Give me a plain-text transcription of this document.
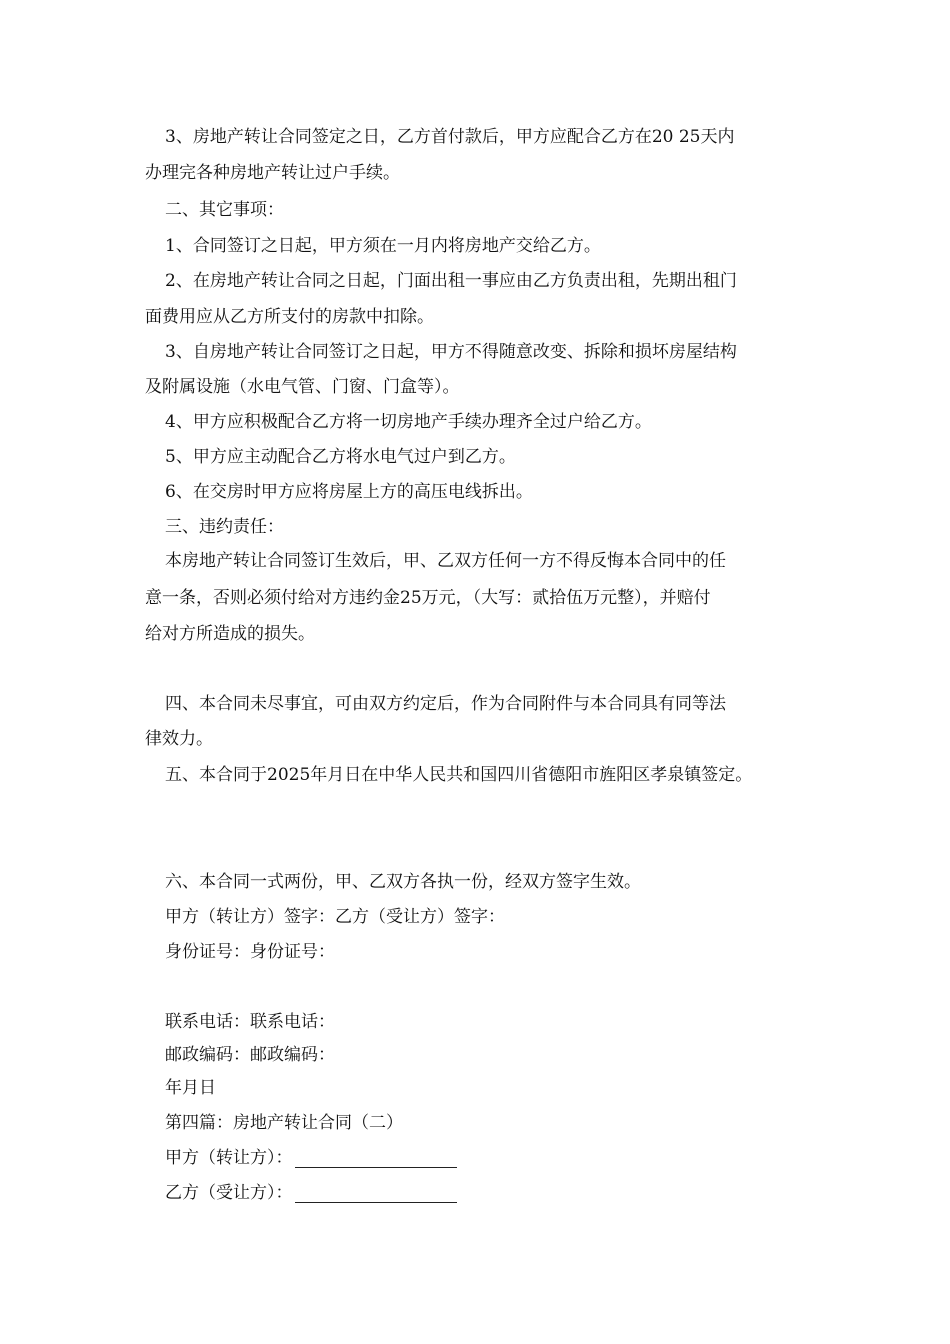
3、房地产转让合同签定之日，乙方首付款后，甲方应配合乙方在20 25天内
办理完各种房地产转让过户手续。
二、其它事项：
1、合同签订之日起，甲方须在一月内将房地产交给乙方。
2、在房地产转让合同之日起，门面出租一事应由乙方负责出租，先期出租门
面费用应从乙方所支付的房款中扣除。
3、自房地产转让合同签订之日起，甲方不得随意改变、拆除和损坏房屋结构
及附属设施（水电气管、门窗、门盒等）。
4、甲方应积极配合乙方将一切房地产手续办理齐全过户给乙方。
5、甲方应主动配合乙方将水电气过户到乙方。
6、在交房时甲方应将房屋上方的高压电线拆出。
三、违约责任：
本房地产转让合同签订生效后，甲、乙双方任何一方不得反悔本合同中的任
意一条，否则必须付给对方违约金25万元，（大写：贰拾伍万元整），并赔付
给对方所造成的损失。
四、本合同未尽事宜，可由双方约定后，作为合同附件与本合同具有同等法
律效力。
五、本合同于2025年月日在中华人民共和国四川省德阳市旌阳区孝泉镇签定。
六、本合同一式两份，甲、乙双方各执一份，经双方签字生效。
甲方（转让方）签字：乙方（受让方）签字：
身份证号：身份证号：
联系电话：联系电话：
邮政编码：邮政编码：
年月日
第四篇：房地产转让合同（二）
甲方（转让方）：
乙方（受让方）：
